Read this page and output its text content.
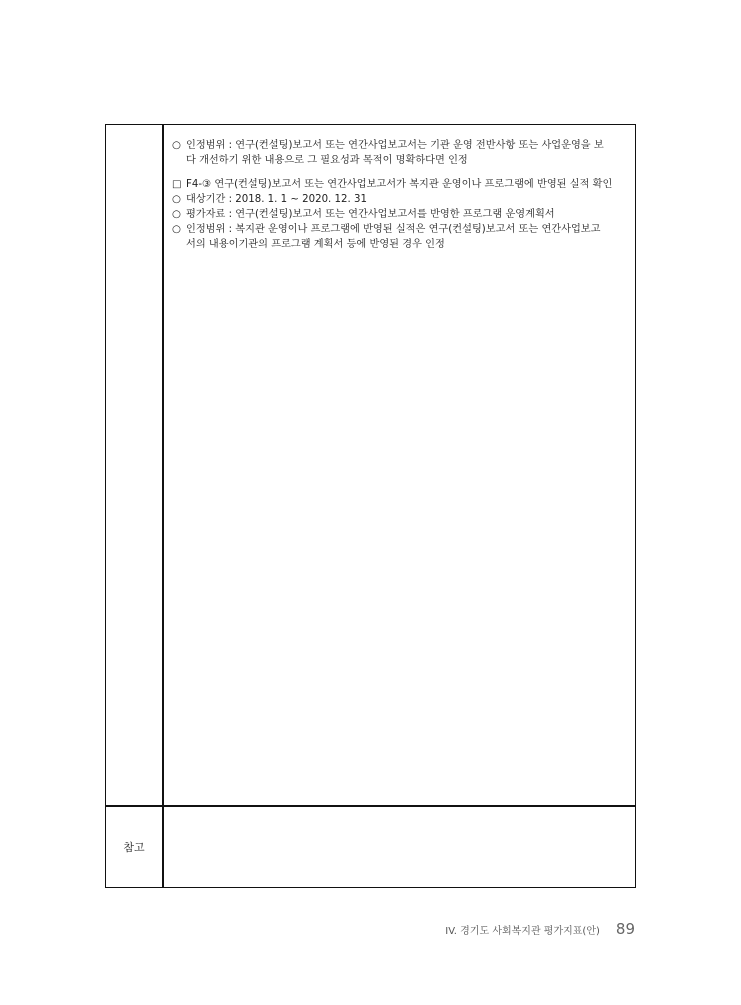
○ 인정범위 : 연구(컨설팅)보고서 또는 연간사업보고서는 기관 운영 전반사항 또는 사업운영을 보
다 개선하기 위한 내용으로 그 필요성과 목적이 명확하다면 인정
□ F4-③ 연구(컨설팅)보고서 또는 연간사업보고서가 복지관 운영이나 프로그램에 반영된 실적 확인
○ 대상기간 : 2018. 1. 1 ~ 2020. 12. 31
○ 평가자료 : 연구(컨설팅)보고서 또는 연간사업보고서를 반영한 프로그램 운영계획서
○ 인정범위 : 복지관 운영이나 프로그램에 반영된 실적은 연구(컨설팅)보고서 또는 연간사업보고
서의 내용이기관의 프로그램 계획서 등에 반영된 경우 인정
참고
IV. 경기도 사회복지관 평가지표(안) 89
